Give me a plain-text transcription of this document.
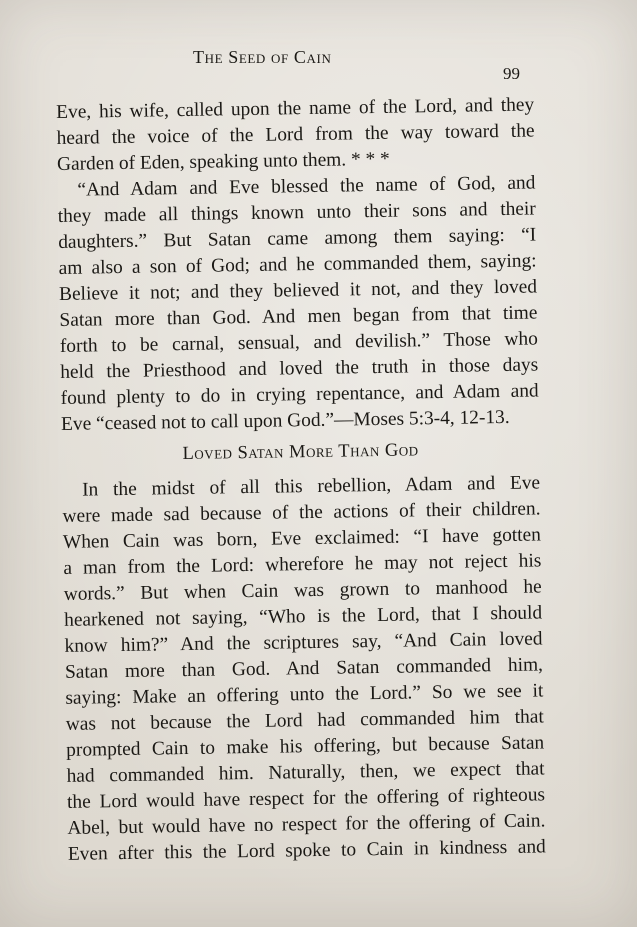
The Seed of Cain
99
Eve, his wife, called upon the name of the Lord, and they
heard the voice of the Lord from the way toward the
Garden of Eden, speaking unto them. * * *
“And Adam and Eve blessed the name of God, and
they made all things known unto their sons and their
daughters.” But Satan came among them saying: “I
am also a son of God; and he commanded them, saying:
Believe it not; and they believed it not, and they loved
Satan more than God. And men began from that time
forth to be carnal, sensual, and devilish.” Those who
held the Priesthood and loved the truth in those days
found plenty to do in crying repentance, and Adam and
Eve “ceased not to call upon God.”—Moses 5:3-4, 12-13.
Loved Satan More Than God
In the midst of all this rebellion, Adam and Eve
were made sad because of the actions of their children.
When Cain was born, Eve exclaimed: “I have gotten
a man from the Lord: wherefore he may not reject his
words.” But when Cain was grown to manhood he
hearkened not saying, “Who is the Lord, that I should
know him?” And the scriptures say, “And Cain loved
Satan more than God. And Satan commanded him,
saying: Make an offering unto the Lord.” So we see it
was not because the Lord had commanded him that
prompted Cain to make his offering, but because Satan
had commanded him. Naturally, then, we expect that
the Lord would have respect for the offering of righteous
Abel, but would have no respect for the offering of Cain.
Even after this the Lord spoke to Cain in kindness and
